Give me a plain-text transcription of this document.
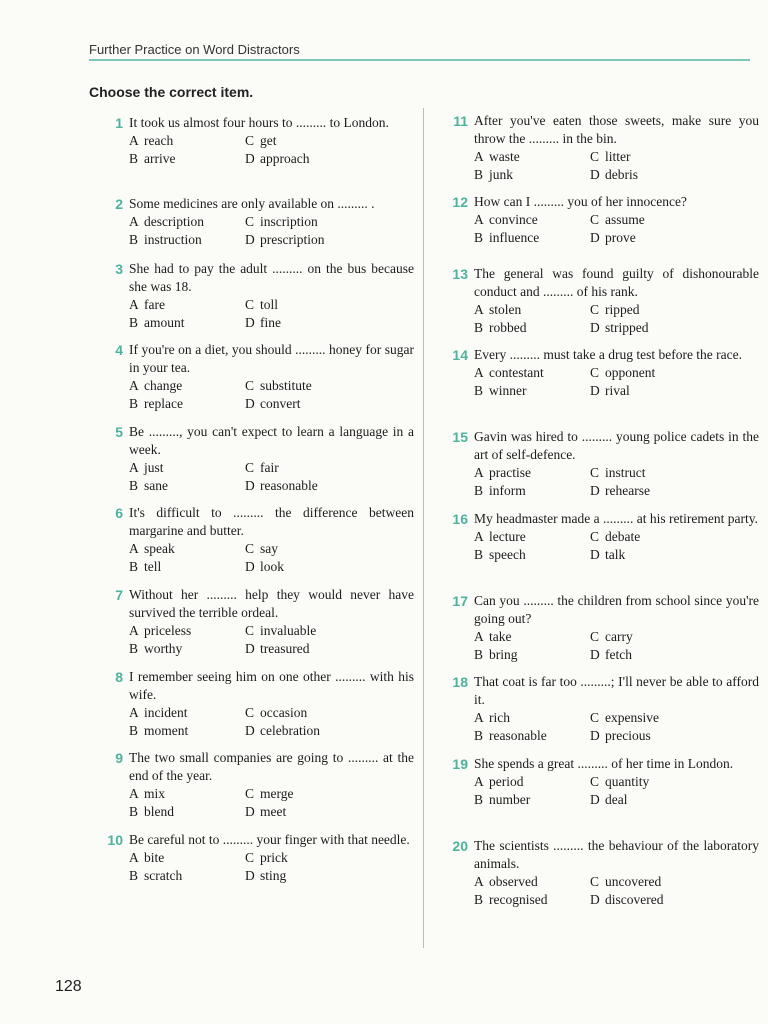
Further Practice on Word Distractors
Choose the correct item.
1 It took us almost four hours to ......... to London.
A reach	C get
B arrive	D approach
2 Some medicines are only available on ......... .
A description	C inscription
B instruction	D prescription
3 She had to pay the adult ......... on the bus because she was 18.
A fare	C toll
B amount	D fine
4 If you're on a diet, you should ......... honey for sugar in your tea.
A change	C substitute
B replace	D convert
5 Be ........., you can't expect to learn a language in a week.
A just	C fair
B sane	D reasonable
6 It's difficult to ......... the difference between margarine and butter.
A speak	C say
B tell	D look
7 Without her ......... help they would never have survived the terrible ordeal.
A priceless	C invaluable
B worthy	D treasured
8 I remember seeing him on one other ......... with his wife.
A incident	C occasion
B moment	D celebration
9 The two small companies are going to ......... at the end of the year.
A mix	C merge
B blend	D meet
10 Be careful not to ......... your finger with that needle.
A bite	C prick
B scratch	D sting
11 After you've eaten those sweets, make sure you throw the ......... in the bin.
A waste	C litter
B junk	D debris
12 How can I ......... you of her innocence?
A convince	C assume
B influence	D prove
13 The general was found guilty of dishonourable conduct and ......... of his rank.
A stolen	C ripped
B robbed	D stripped
14 Every ......... must take a drug test before the race.
A contestant	C opponent
B winner	D rival
15 Gavin was hired to ......... young police cadets in the art of self-defence.
A practise	C instruct
B inform	D rehearse
16 My headmaster made a ......... at his retirement party.
A lecture	C debate
B speech	D talk
17 Can you ......... the children from school since you're going out?
A take	C carry
B bring	D fetch
18 That coat is far too .........; I'll never be able to afford it.
A rich	C expensive
B reasonable	D precious
19 She spends a great ......... of her time in London.
A period	C quantity
B number	D deal
20 The scientists ......... the behaviour of the laboratory animals.
A observed	C uncovered
B recognised	D discovered
128
